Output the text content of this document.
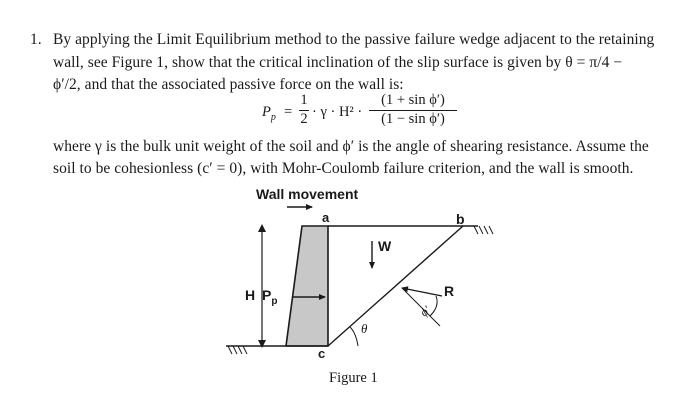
1. By applying the Limit Equilibrium method to the passive failure wedge adjacent to the retaining
wall, see Figure 1, show that the critical inclination of the slip surface is given by θ = π/4 −
ϕ′/2, and that the associated passive force on the wall is:
$P_p$ =
1
2 · γ · H² ·
(1 + sin ϕ′)
(1 − sin ϕ′)
where γ is the bulk unit weight of the soil and ϕ′ is the angle of shearing resistance. Assume the
soil to be cohesionless (c′ = 0), with Mohr-Coulomb failure criterion, and the wall is smooth.
Wall movement
a	b
W
H $P_p$
R
c
θ
ϕ′
Figure 1
